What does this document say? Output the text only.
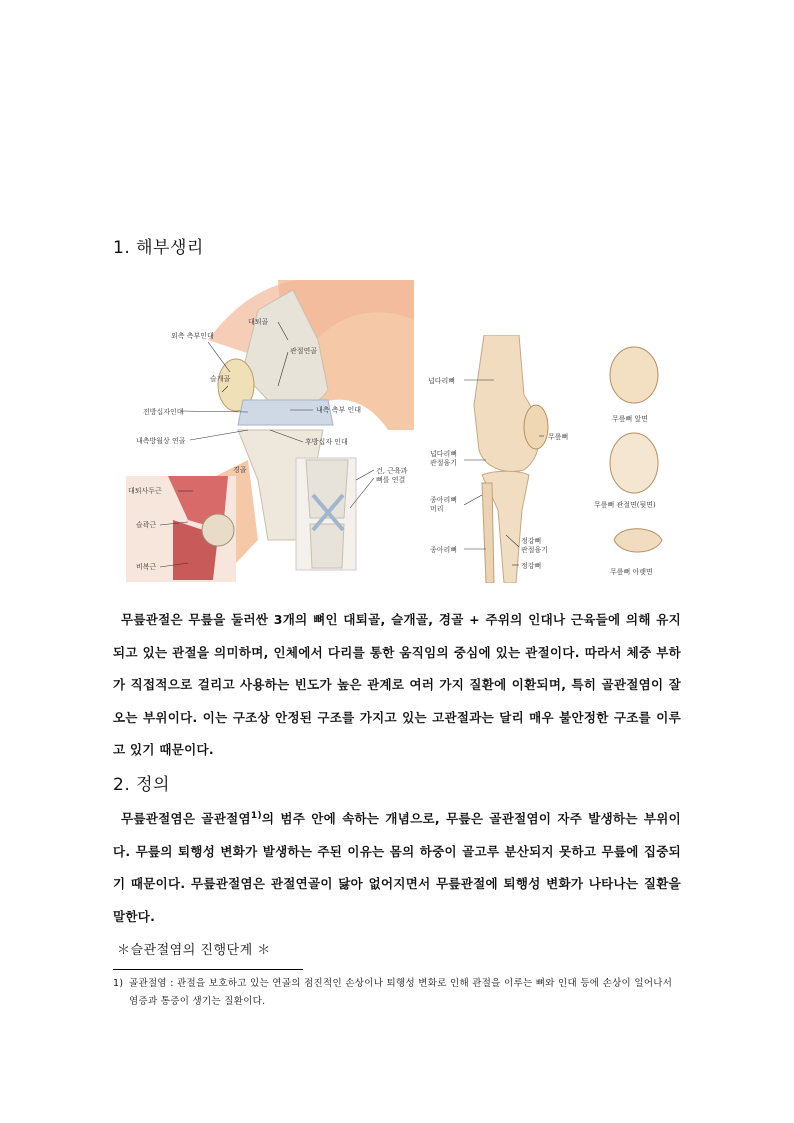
1. 해부생리
외측 측부인대
대퇴골
관절연골
슬개골
내측 측부 인대
전방십자인대
내측방월상 연골	후방십자 인대
경골	건, 근육과
뼈를 연결
대퇴사두근
슬곽근
비복근
넙다리뼈
무릎뼈
넙다리뼈
관절융기
종아리뼈
머리
종아리뼈
정강뼈
관절융기
정강뼈
무릎뼈 앞면
무릎뼈 관절면(뒷면)
무릎뼈 아랫면
무릎관절은 무릎을 둘러싼 3개의 뼈인 대퇴골, 슬개골, 경골 + 주위의 인대나 근육들에 의해 유지되고 있는 관절을 의미하며, 인체에서 다리를 통한 움직임의 중심에 있는 관절이다. 따라서 체중 부하가 직접적으로 걸리고 사용하는 빈도가 높은 관계로 여러 가지 질환에 이환되며, 특히 골관절염이 잘 오는 부위이다. 이는 구조상 안정된 구조를 가지고 있는 고관절과는 달리 매우 불안정한 구조를 이루고 있기 때문이다.
2. 정의
무릎관절염은 골관절염$^{1)}$의 범주 안에 속하는 개념으로, 무릎은 골관절염이 자주 발생하는 부위이다. 무릎의 퇴행성 변화가 발생하는 주된 이유는 몸의 하중이 골고루 분산되지 못하고 무릎에 집중되기 때문이다. 무릎관절염은 관절연골이 닳아 없어지면서 무릎관절에 퇴행성 변화가 나타나는 질환을 말한다.
＊슬관절염의 진행단계 ＊
1) 골관절염 : 관절을 보호하고 있는 연골의 점진적인 손상이나 퇴행성 변화로 인해 관절을 이루는 뼈와 인대 등에 손상이 일어나서 염증과 통증이 생기는 질환이다.
